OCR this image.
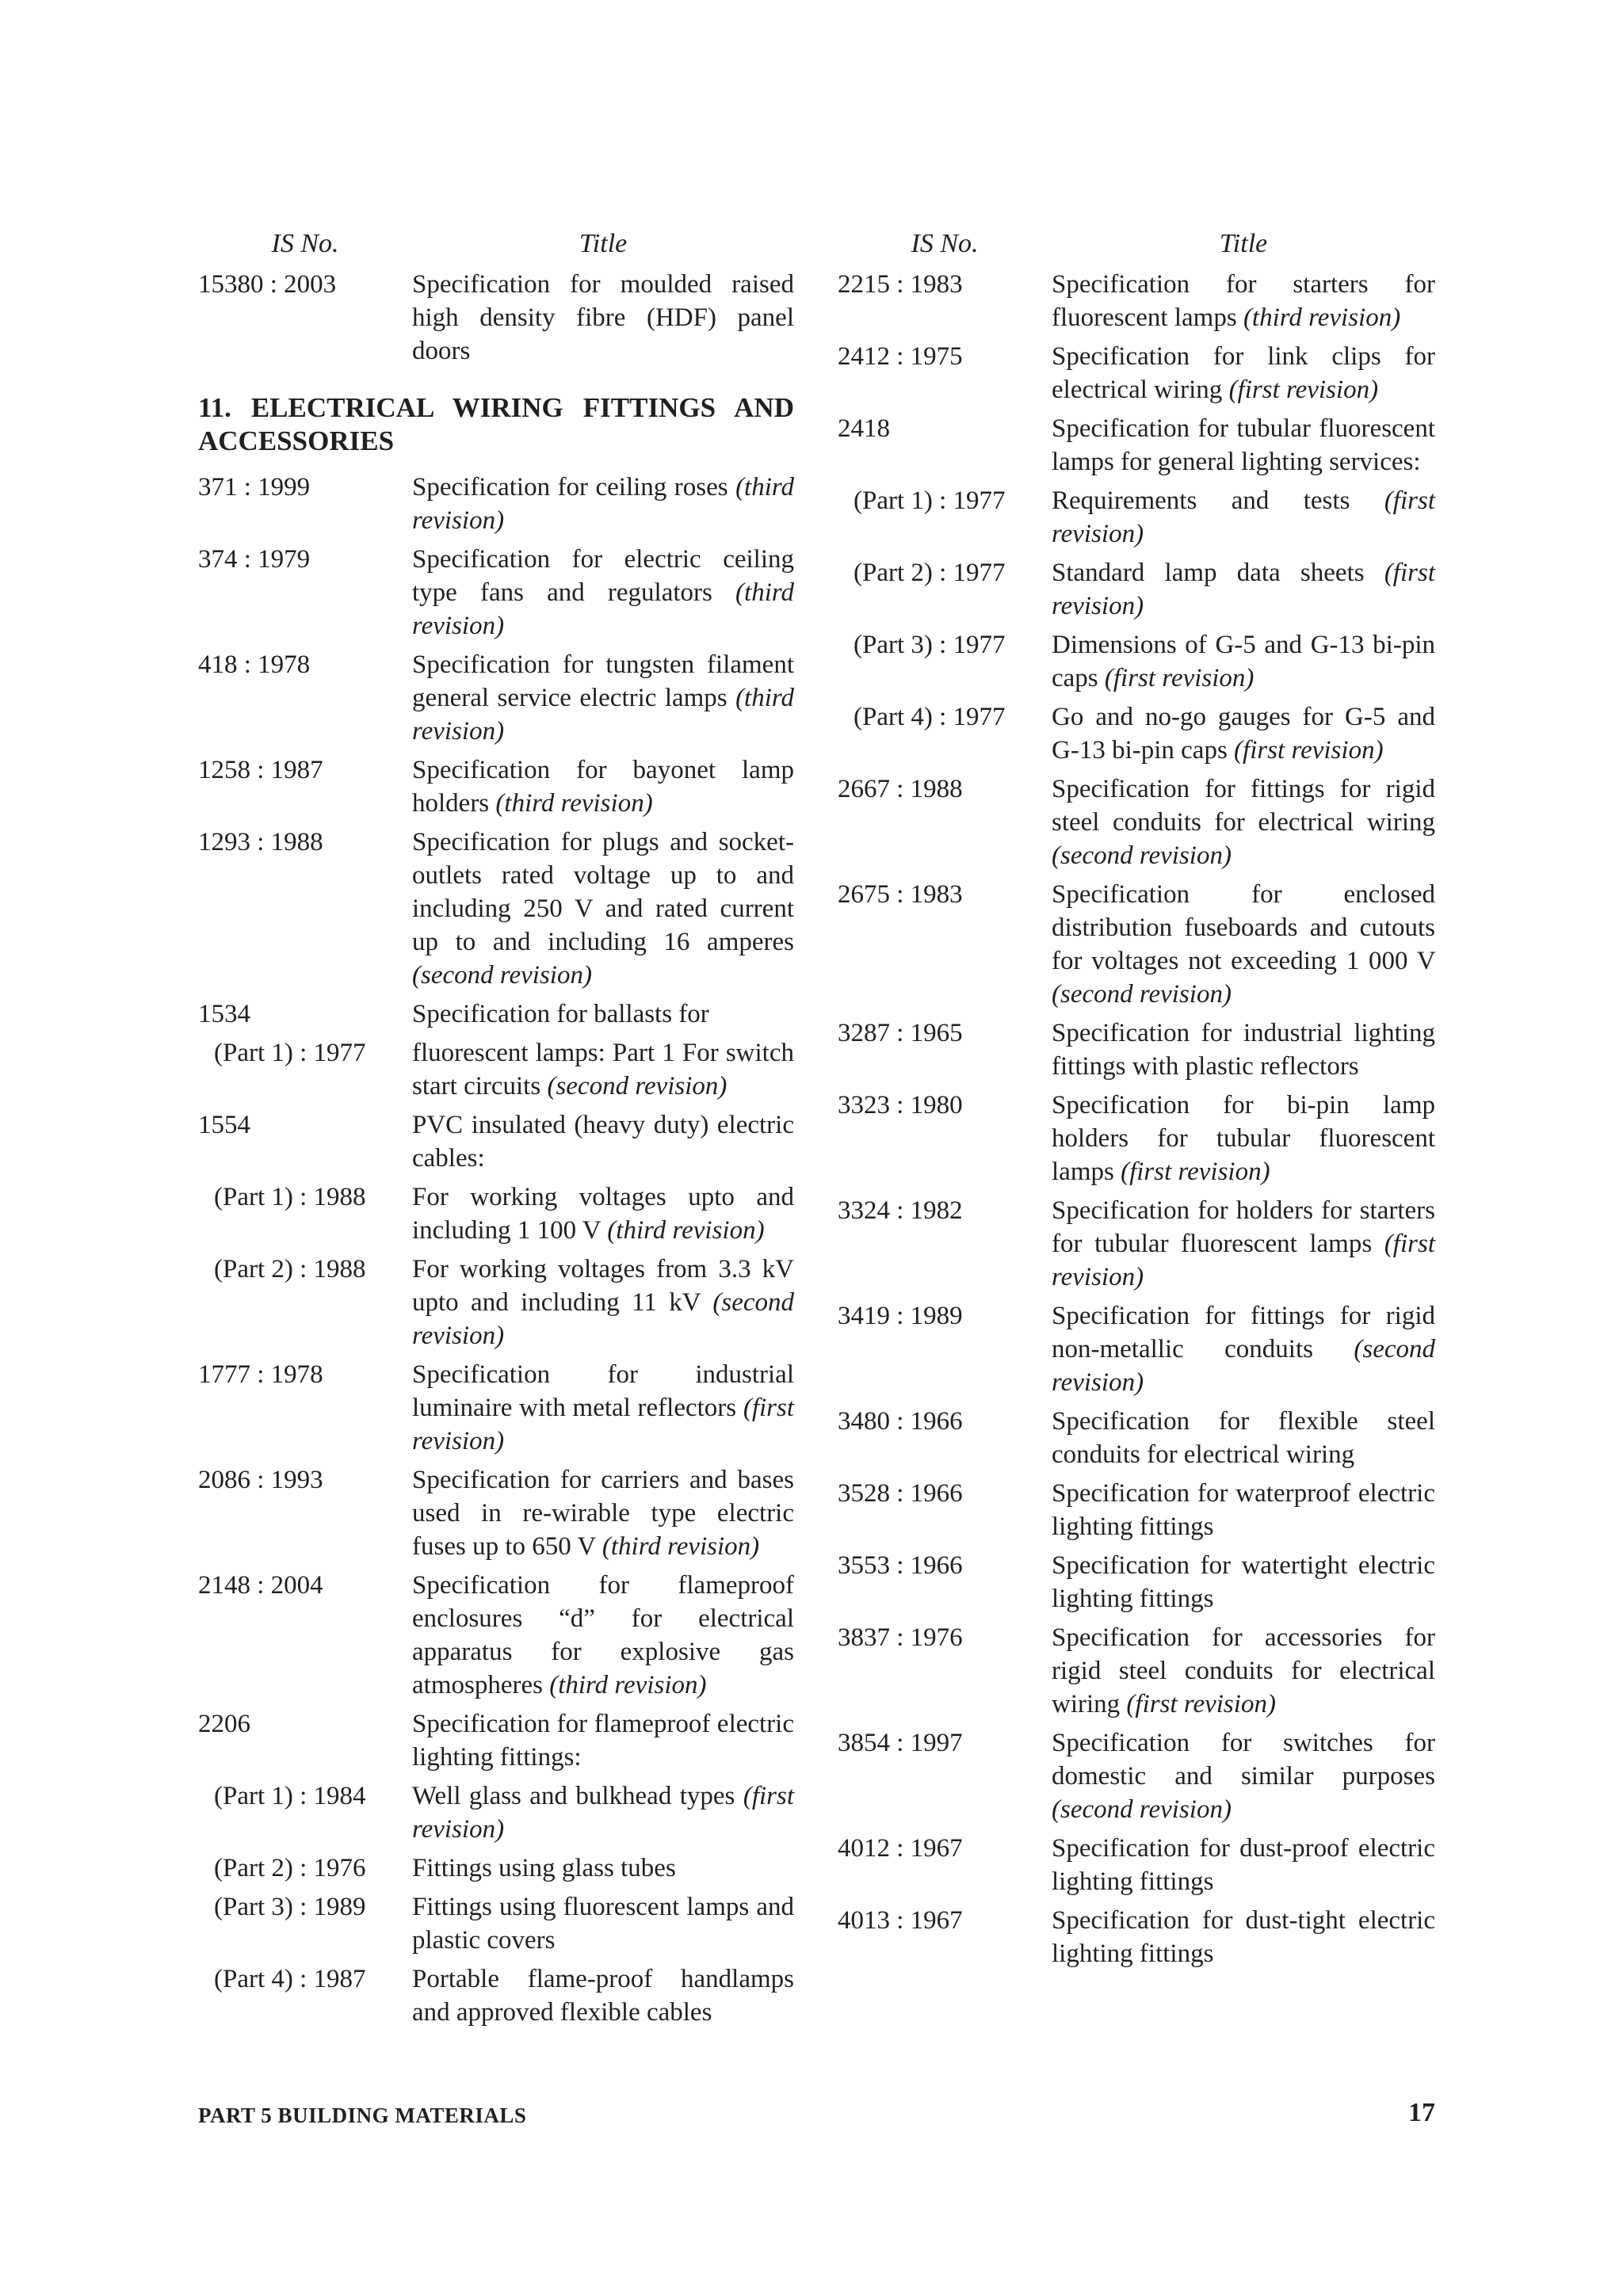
IS No.	Title
15380 : 2003	Specification for moulded raised high density fibre (HDF) panel doors
11. ELECTRICAL WIRING FITTINGS AND ACCESSORIES
371 : 1999	Specification for ceiling roses (third revision)
374 : 1979	Specification for electric ceiling type fans and regulators (third revision)
418 : 1978	Specification for tungsten filament general service electric lamps (third revision)
1258 : 1987	Specification for bayonet lamp holders (third revision)
1293 : 1988	Specification for plugs and socket-outlets rated voltage up to and including 250 V and rated current up to and including 16 amperes (second revision)
1534	Specification for ballasts for
(Part 1) : 1977	fluorescent lamps: Part 1 For switch start circuits (second revision)
1554	PVC insulated (heavy duty) electric cables:
(Part 1) : 1988	For working voltages upto and including 1 100 V (third revision)
(Part 2) : 1988	For working voltages from 3.3 kV upto and including 11 kV (second revision)
1777 : 1978	Specification for industrial luminaire with metal reflectors (first revision)
2086 : 1993	Specification for carriers and bases used in re-wirable type electric fuses up to 650 V (third revision)
2148 : 2004	Specification for flameproof enclosures “d” for electrical apparatus for explosive gas atmospheres (third revision)
2206	Specification for flameproof electric lighting fittings:
(Part 1) : 1984	Well glass and bulkhead types (first revision)
(Part 2) : 1976	Fittings using glass tubes
(Part 3) : 1989	Fittings using fluorescent lamps and plastic covers
(Part 4) : 1987	Portable flame-proof handlamps and approved flexible cables
IS No.	Title
2215 : 1983	Specification for starters for fluorescent lamps (third revision)
2412 : 1975	Specification for link clips for electrical wiring (first revision)
2418	Specification for tubular fluorescent lamps for general lighting services:
(Part 1) : 1977	Requirements and tests (first revision)
(Part 2) : 1977	Standard lamp data sheets (first revision)
(Part 3) : 1977	Dimensions of G-5 and G-13 bi-pin caps (first revision)
(Part 4) : 1977	Go and no-go gauges for G-5 and G-13 bi-pin caps (first revision)
2667 : 1988	Specification for fittings for rigid steel conduits for electrical wiring (second revision)
2675 : 1983	Specification for enclosed distribution fuseboards and cutouts for voltages not exceeding 1 000 V (second revision)
3287 : 1965	Specification for industrial lighting fittings with plastic reflectors
3323 : 1980	Specification for bi-pin lamp holders for tubular fluorescent lamps (first revision)
3324 : 1982	Specification for holders for starters for tubular fluorescent lamps (first revision)
3419 : 1989	Specification for fittings for rigid non-metallic conduits (second revision)
3480 : 1966	Specification for flexible steel conduits for electrical wiring
3528 : 1966	Specification for waterproof electric lighting fittings
3553 : 1966	Specification for watertight electric lighting fittings
3837 : 1976	Specification for accessories for rigid steel conduits for electrical wiring (first revision)
3854 : 1997	Specification for switches for domestic and similar purposes (second revision)
4012 : 1967	Specification for dust-proof electric lighting fittings
4013 : 1967	Specification for dust-tight electric lighting fittings
PART 5 BUILDING MATERIALS	17
